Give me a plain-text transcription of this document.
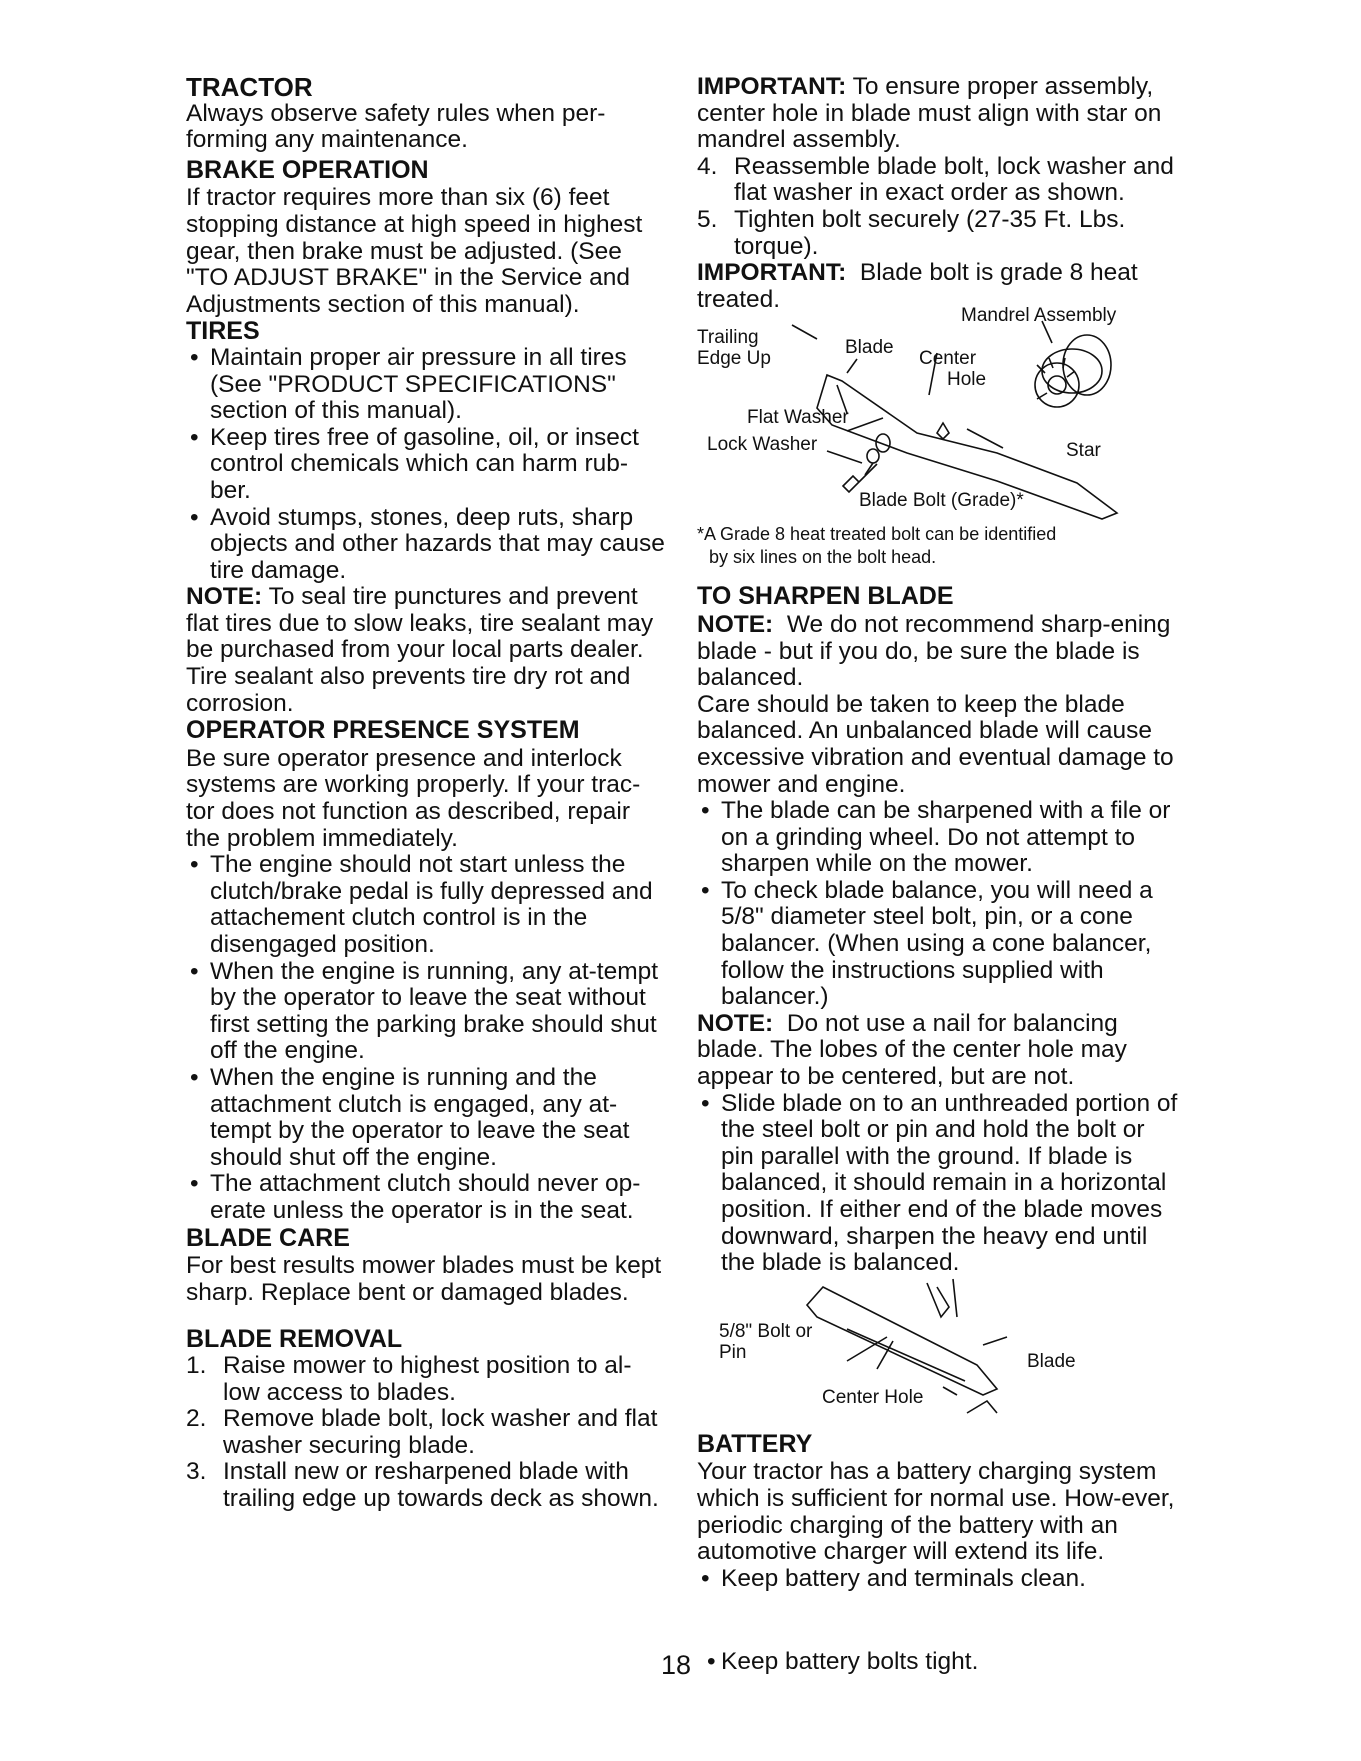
TRACTOR

Always observe safety rules when per-forming any maintenance.

BRAKE OPERATION

If tractor requires more than six (6) feet stopping distance at high speed in highest gear, then brake must be adjusted. (See "TO ADJUST BRAKE" in the Service and Adjustments section of this manual).

TIRES

• Maintain proper air pressure in all tires (See "PRODUCT SPECIFICATIONS" section of this manual).
• Keep tires free of gasoline, oil, or insect control chemicals which can harm rub-ber.
• Avoid stumps, stones, deep ruts, sharp objects and other hazards that may cause tire damage.

NOTE: To seal tire punctures and prevent flat tires due to slow leaks, tire sealant may be purchased from your local parts dealer. Tire sealant also prevents tire dry rot and corrosion.

OPERATOR PRESENCE SYSTEM

Be sure operator presence and interlock systems are working properly. If your trac-tor does not function as described, repair the problem immediately.

• The engine should not start unless the clutch/brake pedal is fully depressed and attachement clutch control is in the disengaged position.
• When the engine is running, any at-tempt by the operator to leave the seat without first setting the parking brake should shut off the engine.
• When the engine is running and the attachment clutch is engaged, any at-tempt by the operator to leave the seat should shut off the engine.
• The attachment clutch should never op-erate unless the operator is in the seat.

BLADE CARE

For best results mower blades must be kept sharp. Replace bent or damaged blades.

BLADE REMOVAL

1. Raise mower to highest position to al-low access to blades.
2. Remove blade bolt, lock washer and flat washer securing blade.
3. Install new or resharpened blade with trailing edge up towards deck as shown.

IMPORTANT: To ensure proper assembly, center hole in blade must align with star on mandrel assembly.

4. Reassemble blade bolt, lock washer and flat washer in exact order as shown.
5. Tighten bolt securely (27-35 Ft. Lbs. torque).

IMPORTANT: Blade bolt is grade 8 heat treated.

Mandrel Assembly
Trailing
Edge Up
Blade
Center
Hole
Flat Washer
Lock Washer	Star
Blade Bolt (Grade)*

*A Grade 8 heat treated bolt can be identified

by six lines on the bolt head.

TO SHARPEN BLADE

NOTE: We do not recommend sharp-ening blade - but if you do, be sure the blade is balanced.

Care should be taken to keep the blade balanced. An unbalanced blade will cause excessive vibration and eventual damage to mower and engine.

• The blade can be sharpened with a file or on a grinding wheel. Do not attempt to sharpen while on the mower.
• To check blade balance, you will need a 5/8" diameter steel bolt, pin, or a cone balancer. (When using a cone balancer, follow the instructions supplied with balancer.)

NOTE: Do not use a nail for balancing blade. The lobes of the center hole may appear to be centered, but are not.

• Slide blade on to an unthreaded portion of the steel bolt or pin and hold the bolt or pin parallel with the ground. If blade is balanced, it should remain in a horizontal position. If either end of the blade moves downward, sharpen the heavy end until the blade is balanced.
5/8" Bolt or
Pin	Blade
Center Hole

BATTERY

Your tractor has a battery charging system which is sufficient for normal use. How-ever, periodic charging of the battery with an automotive charger will extend its life.

• Keep battery and terminals clean.
18 • Keep battery bolts tight.
